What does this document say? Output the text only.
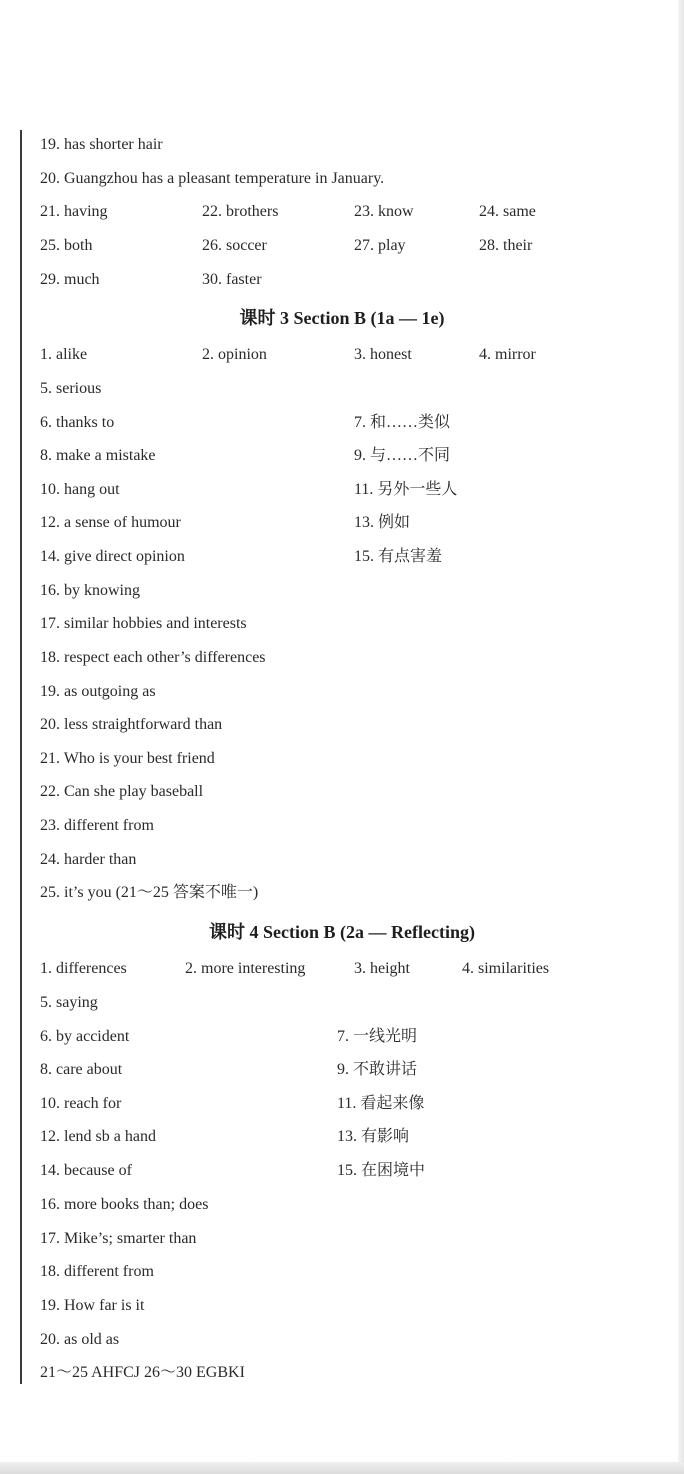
19. has shorter hair
20. Guangzhou has a pleasant temperature in January.
21. having	22. brothers	23. know	24. same
25. both	26. soccer	27. play	28. their
29. much	30. faster
课时 3 Section B (1a — 1e)
1. alike	2. opinion	3. honest	4. mirror
5. serious
6. thanks to	7. 和……类似
8. make a mistake	9. 与……不同
10. hang out	11. 另外一些人
12. a sense of humour	13. 例如
14. give direct opinion	15. 有点害羞
16. by knowing
17. similar hobbies and interests
18. respect each other’s differences
19. as outgoing as
20. less straightforward than
21. Who is your best friend
22. Can she play baseball
23. different from
24. harder than
25. it’s you (21～25 答案不唯一)
课时 4 Section B (2a — Reflecting)
1. differences	2. more interesting	3. height	4. similarities
5. saying
6. by accident	7. 一线光明
8. care about	9. 不敢讲话
10. reach for	11. 看起来像
12. lend sb a hand	13. 有影响
14. because of	15. 在困境中
16. more books than; does
17. Mike’s; smarter than
18. different from
19. How far is it
20. as old as
21～25 AHFCJ 26～30 EGBKI
